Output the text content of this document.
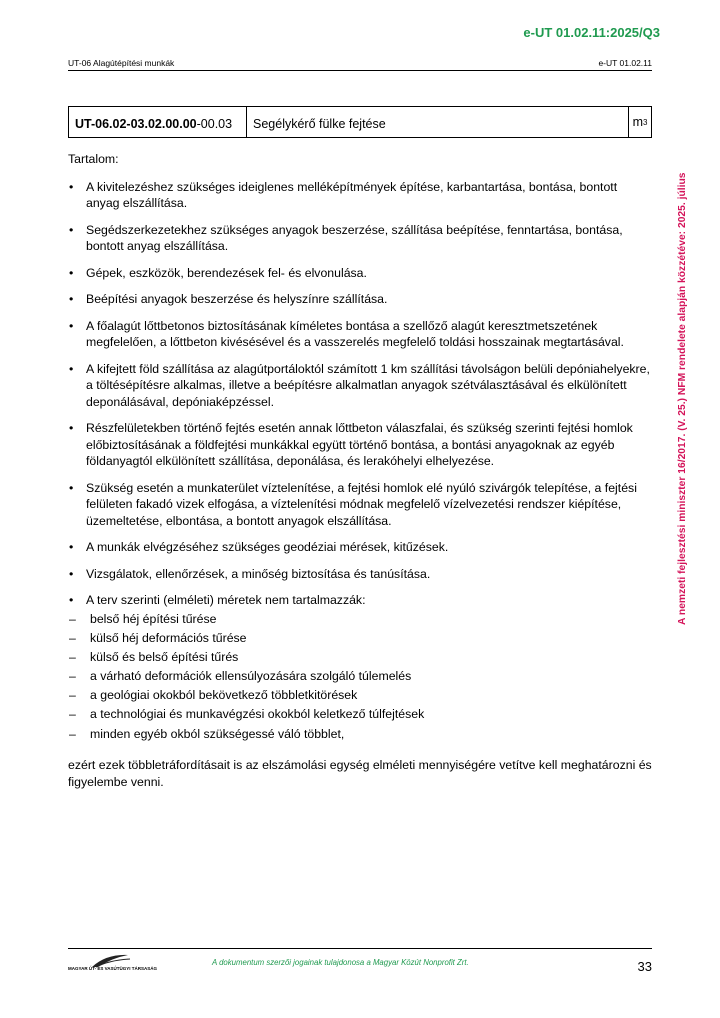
e-UT 01.02.11:2025/Q3
UT-06 Alagútépítési munkák	e-UT 01.02.11
UT-06.02-03.02.00.00 -00.03	Segélykérő fülke fejtése	m 3

Tartalom:

• A kivitelezéshez szükséges ideiglenes melléképítmények építése, karbantartása, bontása, bontott anyag elszállítása.
• Segédszerkezetekhez szükséges anyagok beszerzése, szállítása beépítése, fenntartása, bontása, bontott anyag elszállítása.
• Gépek, eszközök, berendezések fel- és elvonulása.
• Beépítési anyagok beszerzése és helyszínre szállítása.
• A főalagút lőttbetonos biztosításának kíméletes bontása a szellőző alagút keresztmetszetének megfelelően, a lőttbeton kivésésével és a vasszerelés megfelelő toldási hosszainak megtartásával.
• A kifejtett föld szállítása az alagútportáloktól számított 1 km szállítási távolságon belüli depóniahelyekre, a töltésépítésre alkalmas, illetve a beépítésre alkalmatlan anyagok szétválasztásával és elkülönített deponálásával, depóniaképzéssel.
• Részfelületekben történő fejtés esetén annak lőttbeton válaszfalai, és szükség szerinti fejtési homlok előbiztosításának a földfejtési munkákkal együtt történő bontása, a bontási anyagoknak az egyéb földanyagtól elkülönített szállítása, deponálása, és lerakóhelyi elhelyezése.
• Szükség esetén a munkaterület víztelenítése, a fejtési homlok elé nyúló szivárgók telepítése, a fejtési felületen fakadó vizek elfogása, a víztelenítési módnak megfelelő vízelvezetési rendszer kiépítése, üzemeltetése, elbontása, a bontott anyagok elszállítása.
• A munkák elvégzéséhez szükséges geodéziai mérések, kitűzések.
• Vizsgálatok, ellenőrzések, a minőség biztosítása és tanúsítása.
• A terv szerinti (elméleti) méretek nem tartalmazzák:
– belső héj építési tűrése
– külső héj deformációs tűrése
– külső és belső építési tűrés
– a várható deformációk ellensúlyozására szolgáló túlemelés
– a geológiai okokból bekövetkező többletkitörések
– a technológiai és munkavégzési okokból keletkező túlfejtések
– minden egyéb okból szükségessé váló többlet,

ezért ezek többletráfordításait is az elszámolási egység elméleti mennyiségére vetítve kell meghatározni és figyelembe venni.

A nemzeti fejlesztési miniszter 16/2017. (V. 25.) NFM rendelete alapján közzétéve: 2025. július
MAGYAR ÚT- ÉS VASÚTÜGYI TÁRSASÁG
A dokumentum szerzői jogainak tulajdonosa a Magyar Közút Nonprofit Zrt.	33
